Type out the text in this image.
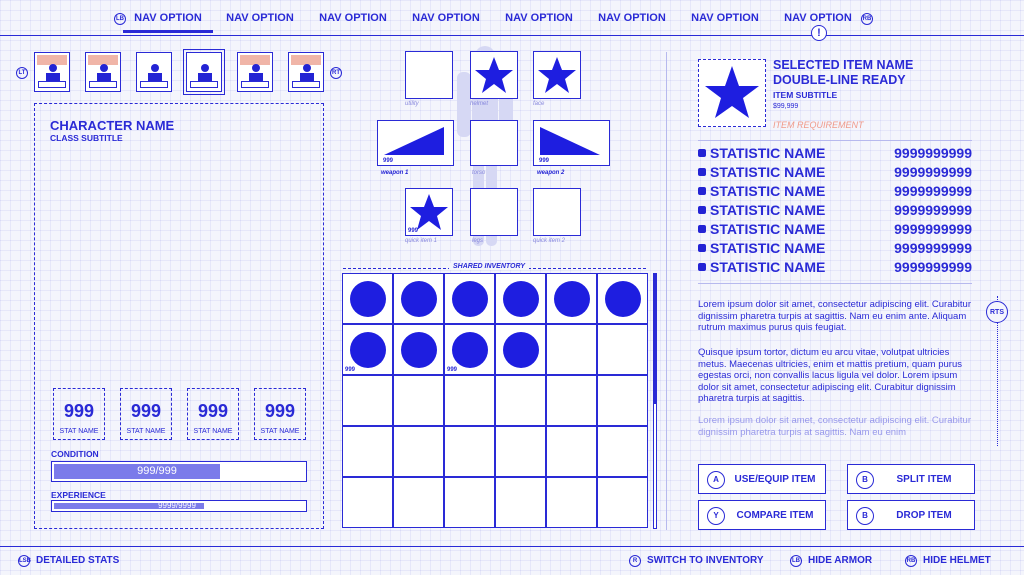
LB NAV OPTION	NAV OPTION	NAV OPTION	NAV OPTION	NAV OPTION	NAV OPTION	NAV OPTION	NAV OPTION	RB
!
LT	RT
CHARACTER NAME
CLASS SUBTITLE
999
STAT NAME
999
STAT NAME
999
STAT NAME
999
STAT NAME
CONDITION
999/999
EXPERIENCE
9999/9999
utility	helmet	face
999
weapon 1	torso
999
weapon 2
999
quick item 1	legs	quick item 2
SHARED INVENTORY
999	999
SELECTED ITEM NAME
DOUBLE-LINE READY
ITEM SUBTITLE
$99,999
ITEM REQUIREMENT
STATISTIC NAME	9999999999
STATISTIC NAME	9999999999
STATISTIC NAME	9999999999
STATISTIC NAME	9999999999
STATISTIC NAME	9999999999
STATISTIC NAME	9999999999
STATISTIC NAME	9999999999
Lorem ipsum dolor sit amet, consectetur adipiscing elit. Curabitur dignissim pharetra turpis at sagittis. Nam eu enim ante. Aliquam rutrum maximus purus quis feugiat.
Quisque ipsum tortor, dictum eu arcu vitae, volutpat ultricies metus. Maecenas ultricies, enim et mattis pretium, quam purus egestas orci, non convallis lacus ligula vel dolor. Lorem ipsum dolor sit amet, consectetur adipiscing elit. Curabitur dignissim pharetra turpis at sagittis.
Lorem ipsum dolor sit amet, consectetur adipiscing elit. Curabitur dignissim pharetra turpis at sagittis. Nam eu enim
RTS
A	USE/EQUIP ITEM	B	SPLIT ITEM
Y	COMPARE ITEM	B	DROP ITEM
LSB DETAILED STATS	R SWITCH TO INVENTORY	LB HIDE ARMOR	RB HIDE HELMET
